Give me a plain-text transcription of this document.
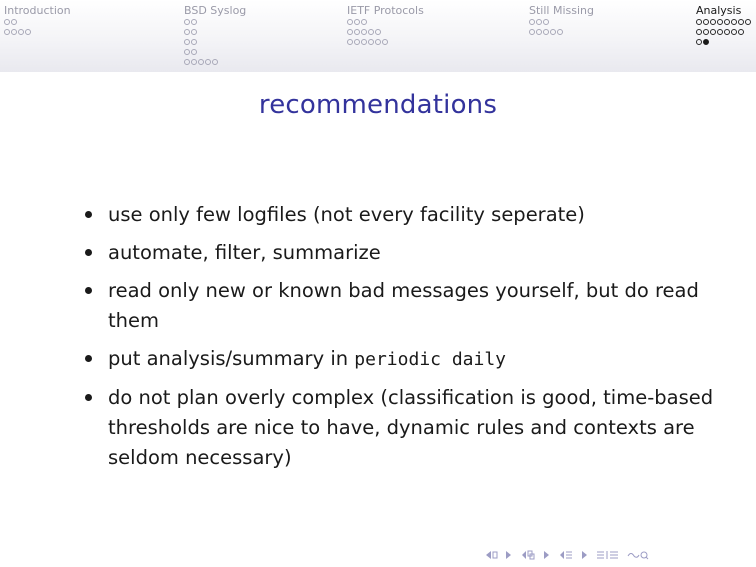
Introduction	BSD Syslog	IETF Protocols	Still Missing	Analysis
recommendations
use only few logfiles (not every facility seperate)
automate, filter, summarize
read only new or known bad messages yourself, but do read them
put analysis/summary in periodic daily
do not plan overly complex (classification is good, time-based thresholds are nice to have, dynamic rules and contexts are seldom necessary)
